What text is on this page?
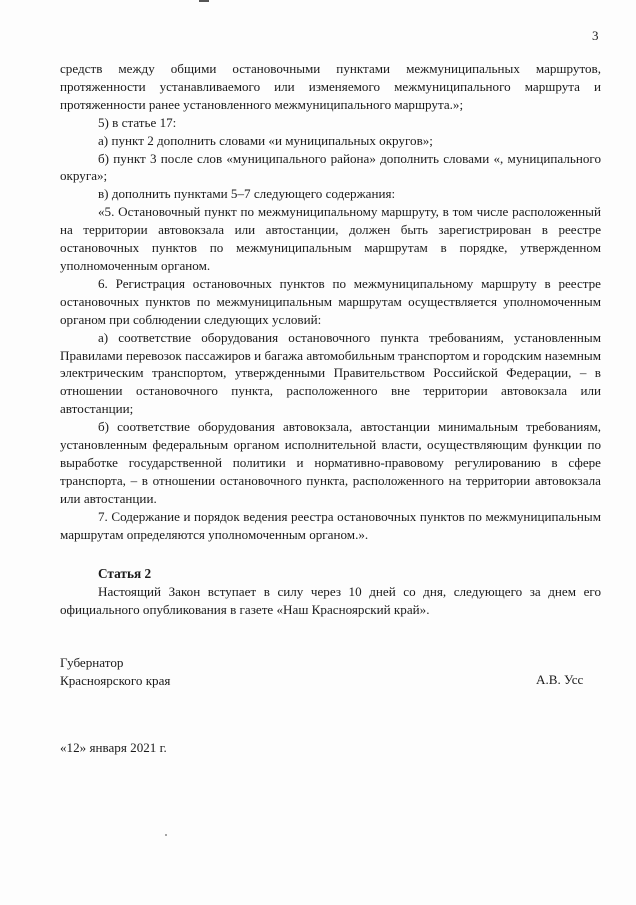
3

средств между общими остановочными пунктами межмуниципальных маршрутов, протяженности устанавливаемого или изменяемого межмуниципального маршрута и протяженности ранее установленного межмуниципального маршрута.»;

5) в статье 17:

а) пункт 2 дополнить словами «и муниципальных округов»;

б) пункт 3 после слов «муниципального района» дополнить словами «, муниципального округа»;

в) дополнить пунктами 5–7 следующего содержания:

«5. Остановочный пункт по межмуниципальному маршруту, в том числе расположенный на территории автовокзала или автостанции, должен быть зарегистрирован в реестре остановочных пунктов по межмуниципальным маршрутам в порядке, утвержденном уполномоченным органом.

6. Регистрация остановочных пунктов по межмуниципальному маршруту в реестре остановочных пунктов по межмуниципальным маршрутам осуществляется уполномоченным органом при соблюдении следующих условий:

а) соответствие оборудования остановочного пункта требованиям, установленным Правилами перевозок пассажиров и багажа автомобильным транспортом и городским наземным электрическим транспортом, утвержденными Правительством Российской Федерации, – в отношении остановочного пункта, расположенного вне территории автовокзала или автостанции;

б) соответствие оборудования автовокзала, автостанции минимальным требованиям, установленным федеральным органом исполнительной власти, осуществляющим функции по выработке государственной политики и нормативно-правовому регулированию в сфере транспорта, – в отношении остановочного пункта, расположенного на территории автовокзала или автостанции.

7. Содержание и порядок ведения реестра остановочных пунктов по межмуниципальным маршрутам определяются уполномоченным органом.».

Статья 2

Настоящий Закон вступает в силу через 10 дней со дня, следующего за днем его официального опубликования в газете «Наш Красноярский край».

Губернатор
Красноярского края	А.В. Усс
«12» января 2021 г.
